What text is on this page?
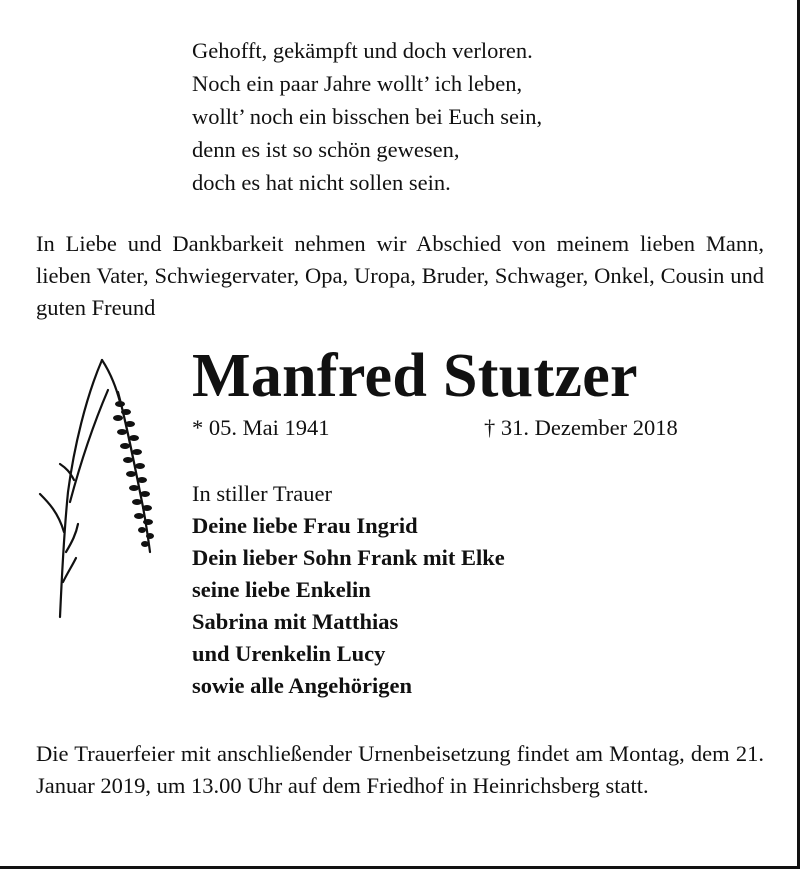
Gehofft, gekämpft und doch verloren.
Noch ein paar Jahre wollt’ ich leben,
wollt’ noch ein bisschen bei Euch sein,
denn es ist so schön gewesen,
doch es hat nicht sollen sein.
In Liebe und Dankbarkeit nehmen wir Abschied von meinem lieben Mann, lieben Vater, Schwiegervater, Opa, Uropa, Bruder, Schwager, Onkel, Cousin und guten Freund
Manfred Stutzer
* 05. Mai 1941	† 31. Dezember 2018
In stiller Trauer
Deine liebe Frau Ingrid
Dein lieber Sohn Frank mit Elke
seine liebe Enkelin
Sabrina mit Matthias
und Urenkelin Lucy
sowie alle Angehörigen
Die Trauerfeier mit anschließender Urnenbeisetzung findet am Montag, dem 21. Januar 2019, um 13.00 Uhr auf dem Friedhof in Heinrichsberg statt.
